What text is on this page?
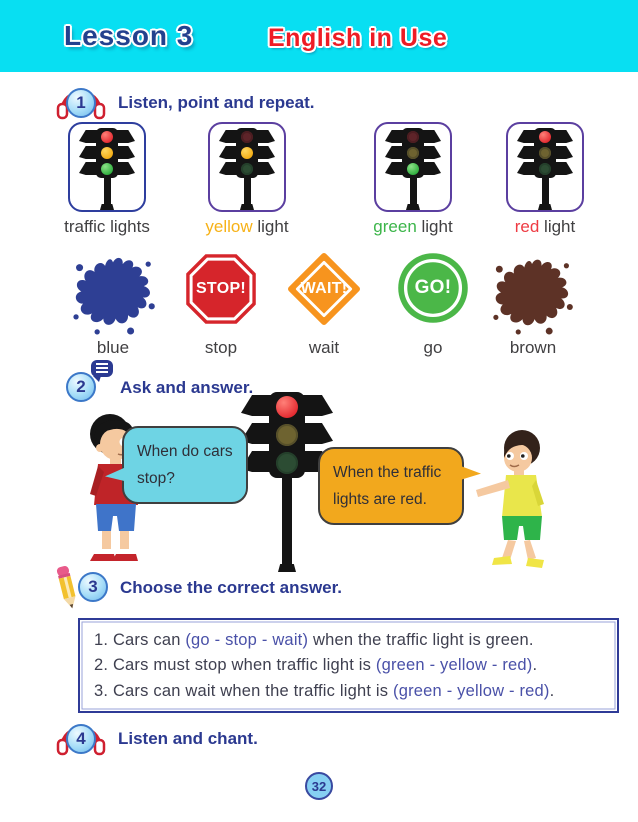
Lesson 3	English in Use
1	Listen, point and repeat.
traffic lights	yellow light	green light	red light
STOP!	WAIT!	GO!
blue	stop	wait	go	brown
2	Ask and answer.
When do cars
stop?	When the traffic
lights are red.
3	Choose the correct answer.
1. Cars can (go - stop - wait) when the traffic light is green.
2. Cars must stop when traffic light is (green - yellow - red).
3. Cars can wait when the traffic light is (green - yellow - red).
4	Listen and chant.
32
